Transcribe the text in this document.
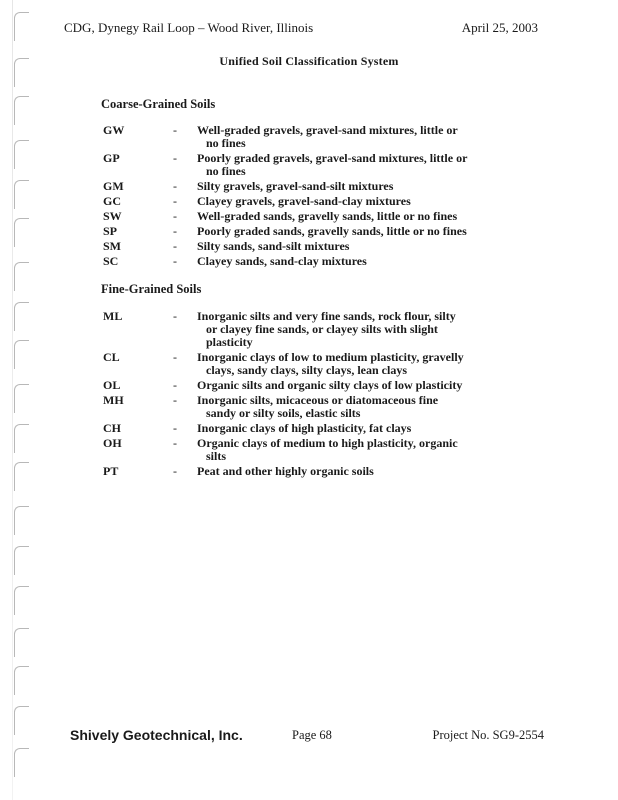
CDG, Dynegy Rail Loop – Wood River, Illinois	April 25, 2003
Unified Soil Classification System
Coarse-Grained Soils
GW	-	Well-graded gravels, gravel-sand mixtures, little or
no fines
GP	-	Poorly graded gravels, gravel-sand mixtures, little or
no fines
GM	-	Silty gravels, gravel-sand-silt mixtures
GC	-	Clayey gravels, gravel-sand-clay mixtures
SW	-	Well-graded sands, gravelly sands, little or no fines
SP	-	Poorly graded sands, gravelly sands, little or no fines
SM	-	Silty sands, sand-silt mixtures
SC	-	Clayey sands, sand-clay mixtures
Fine-Grained Soils
ML	-	Inorganic silts and very fine sands, rock flour, silty
or clayey fine sands, or clayey silts with slight
plasticity
CL	-	Inorganic clays of low to medium plasticity, gravelly
clays, sandy clays, silty clays, lean clays
OL	-	Organic silts and organic silty clays of low plasticity
MH	-	Inorganic silts, micaceous or diatomaceous fine
sandy or silty soils, elastic silts
CH	-	Inorganic clays of high plasticity, fat clays
OH	-	Organic clays of medium to high plasticity, organic
silts
PT	-	Peat and other highly organic soils
Shively Geotechnical, Inc.	Page 68	Project No. SG9-2554
